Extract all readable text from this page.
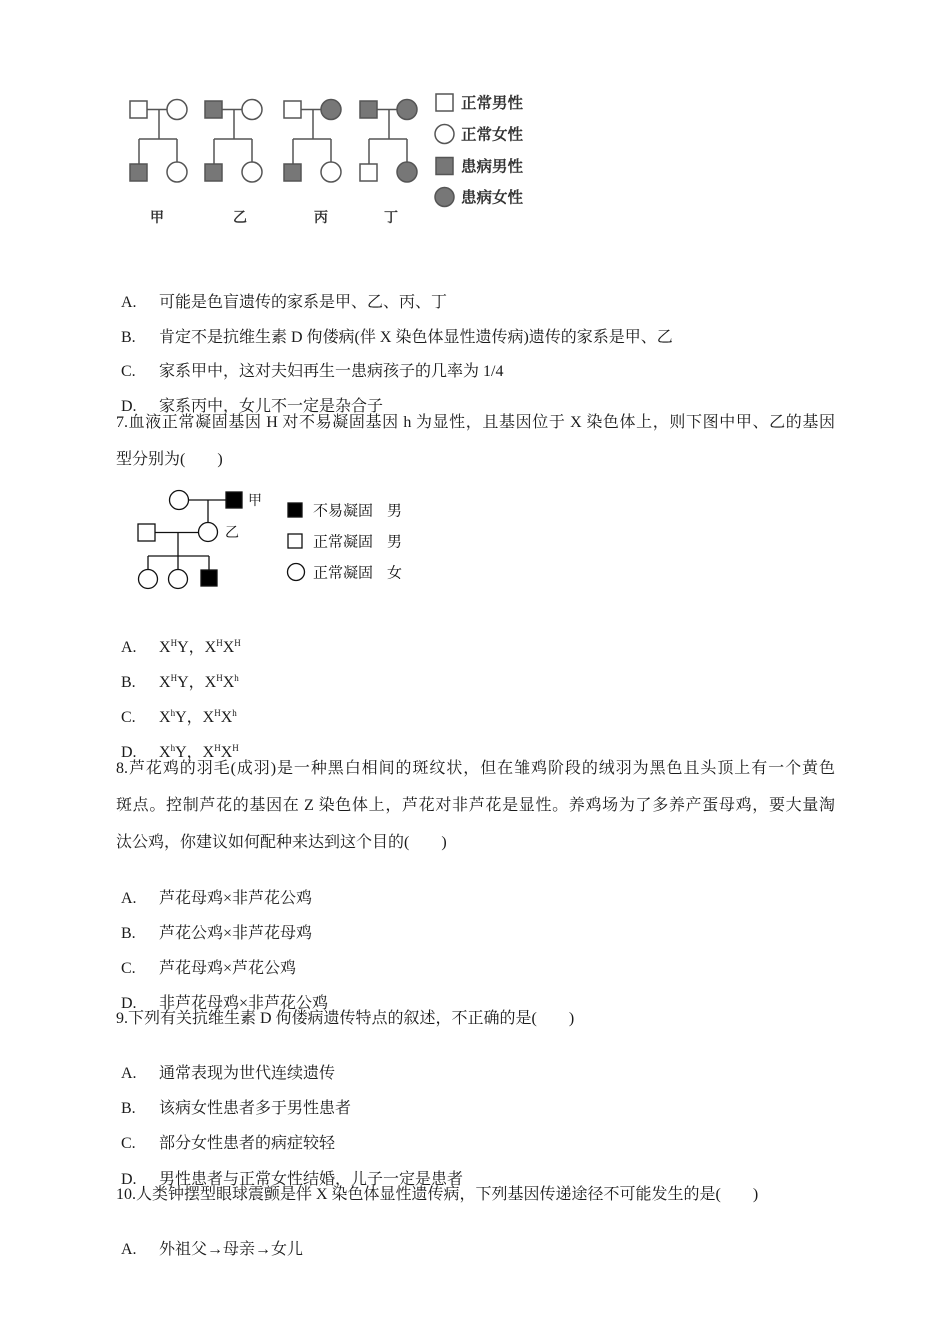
甲	乙	丙	丁
正常男性
正常女性
患病男性
患病女性

A. 可能是色盲遗传的家系是甲、乙、丙、丁

B. 肯定不是抗维生素 D 佝偻病(伴 X 染色体显性遗传病)遗传的家系是甲、乙

C. 家系甲中，这对夫妇再生一患病孩子的几率为 1/4

D. 家系丙中，女儿不一定是杂合子

7.血液正常凝固基因 H 对不易凝固基因 h 为显性，且基因位于 X 染色体上，则下图中甲、乙的基因
型分别为(        )
甲
乙
不易凝固 男
正常凝固 男
正常凝固 女

A. $X^HY$，$X^HX^H$

B. $X^HY$，$X^HX^h$

C. $X^hY$，$X^HX^h$

D. $X^hY$，$X^HX^H$

8.芦花鸡的羽毛(成羽)是一种黑白相间的斑纹状，但在雏鸡阶段的绒羽为黑色且头顶上有一个黄色
斑点。控制芦花的基因在 Z 染色体上，芦花对非芦花是显性。养鸡场为了多养产蛋母鸡，要大量淘
汰公鸡，你建议如何配种来达到这个目的(        )

A. 芦花母鸡×非芦花公鸡

B. 芦花公鸡×非芦花母鸡

C. 芦花母鸡×芦花公鸡

D. 非芦花母鸡×非芦花公鸡

9.下列有关抗维生素 D 佝偻病遗传特点的叙述，不正确的是(        )

A. 通常表现为世代连续遗传

B. 该病女性患者多于男性患者

C. 部分女性患者的病症较轻

D. 男性患者与正常女性结婚，儿子一定是患者

10.人类钟摆型眼球震颤是伴 X 染色体显性遗传病，下列基因传递途径不可能发生的是(        )

A. 外祖父→母亲→女儿
